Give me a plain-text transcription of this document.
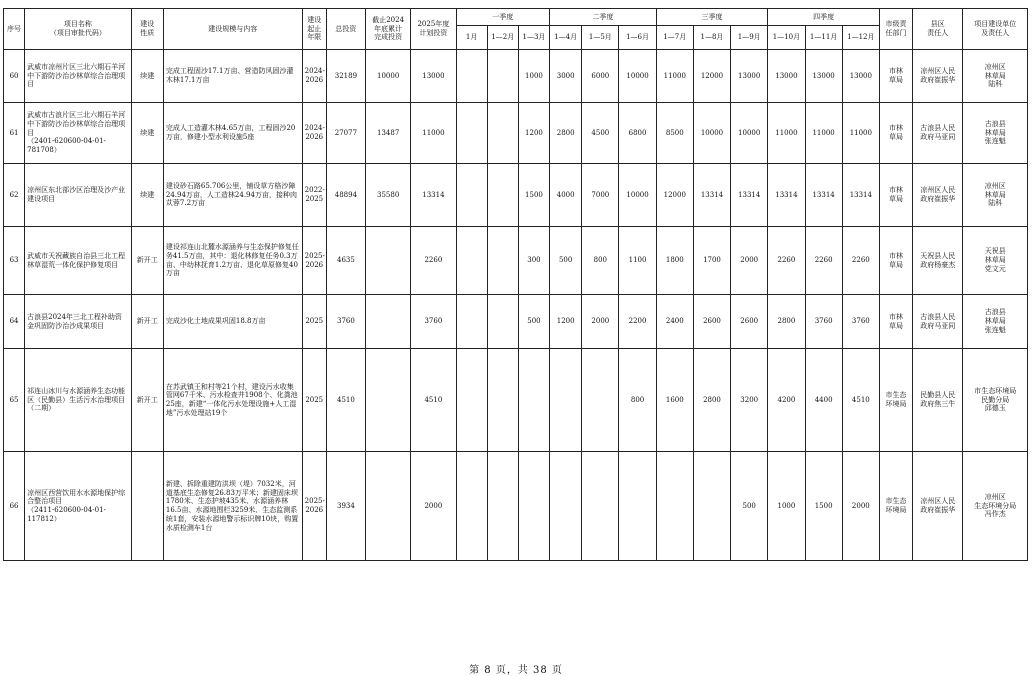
序号	项目名称
（项目审批代码）	建设
性质	建设规模与内容	建设
起止
年限	总投资	截止2024
年底累计
完成投资	2025年度
计划投资	一季度			二季度			三季度			四季度			市级责
任部门	县区
责任人	项目建设单位
及责任人
								1月	1—2月	1—3月	1—4月	1—5月	1—6月	1—7月	1—8月	1—9月	1—10月	1—11月	1—12月			
60	武威市凉州片区三北六期石羊河中下游防沙治沙林草综合治理项目	续建	完成工程固沙17.1万亩、营造防风固沙灌木林17.1万亩	2024-
2026	32189	10000	13000			1000	3000	6000	10000	11000	12000	13000	13000	13000	13000	市林
草局	凉州区人民
政府崔振华	凉州区
林草局
陆科
61	武威市古浪片区三北六期石羊河中下游防沙治沙林草综合治理项目
（2401-620600-04-01-781708）	续建	完成人工造灌木林4.65万亩，工程固沙20万亩，修建小型水利设施5座	2024-
2026	27077	13487	11000			1200	2800	4500	6800	8500	10000	10000	11000	11000	11000	市林
草局	古浪县人民
政府马亚同	古浪县
林草局
张连魁
62	凉州区东北部沙区治理及沙产业建设项目	续建	建设砂石路65.706公里，铺设草方格沙障24.94万亩，人工造林24.94万亩，接种肉苁蓉7.2万亩	2022-
2025	48894	35580	13314			1500	4000	7000	10000	12000	13314	13314	13314	13314	13314	市林
草局	凉州区人民
政府崔振华	凉州区
林草局
陆科
63	武威市天祝藏族自治县三北工程林草湿荒一体化保护修复项目	新开工	建设祁连山北麓水源涵养与生态保护修复任务41.5万亩，其中：退化林修复任务0.3万亩、中幼林抚育1.2万亩、退化草原修复40万亩	2025-
2026	4635		2260			300	500	800	1100	1800	1700	2000	2260	2260	2260	市林
草局	天祝县人民
政府杨豪杰	天祝县
林草局
党文元
64	古浪县2024年三北工程补助资金巩固防沙治沙成果项目	新开工	完成沙化土地成果巩固18.8万亩	2025	3760		3760			500	1200	2000	2200	2400	2600	2600	2800	3760	3760	市林
草局	古浪县人民
政府马亚同	古浪县
林草局
张连魁
65	祁连山冰川与水源涵养生态功能区（民勤县）生活污水治理项目（二期）	新开工	在苏武镇王和村等21个村，建设污水收集管网67千米、污水检查井1908个、化粪池25座，新建“一体化污水处理设施+人工湿地”污水处理站19个	2025	4510		4510						800	1600	2800	3200	4200	4400	4510	市生态
环境局	民勤县人民
政府焦三牛	市生态环境局
民勤分局
邱德玉
66	凉州区西营饮用水水源地保护综合整治项目
（2411-620600-04-01-117812）		新建、拆除重建防洪坝（堤）7032米，河道基底生态修复26.83万平米；新建固床坝1780米、生态护坡435米、水源涵养林16.5亩、水源地围栏3259米、生态监测系统1套，安装水源地警示标识牌10块，购置水质检测车1台	2025-
2026	3934		2000									500	1000	1500	2000	市生态
环境局	凉州区人民
政府崔振华	凉州区
生态环境分局
冯作杰
第 8 页，共 38 页
